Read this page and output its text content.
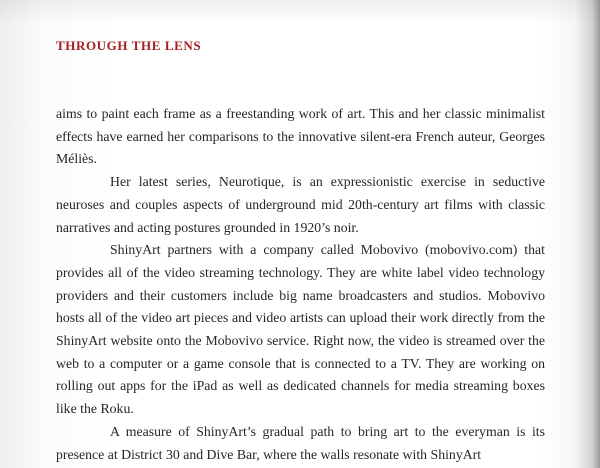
THROUGH THE LENS

aims to paint each frame as a freestanding work of art. This and her classic minimalist effects have earned her comparisons to the innovative silent-era French auteur, Georges Méliès.

Her latest series, Neurotique, is an expressionistic exercise in seductive neuroses and couples aspects of underground mid 20th-century art films with classic narratives and acting postures grounded in 1920’s noir.

ShinyArt partners with a company called Mobovivo (mobovivo.com) that provides all of the video streaming technology. They are white label video technology providers and their customers include big name broadcasters and studios. Mobovivo hosts all of the video art pieces and video artists can upload their work directly from the ShinyArt website onto the Mobovivo service. Right now, the video is streamed over the web to a computer or a game console that is connected to a TV. They are working on rolling out apps for the iPad as well as dedicated channels for media streaming boxes like the Roku.

A measure of ShinyArt’s gradual path to bring art to the everyman is its presence at District 30 and Dive Bar, where the walls resonate with ShinyArt
